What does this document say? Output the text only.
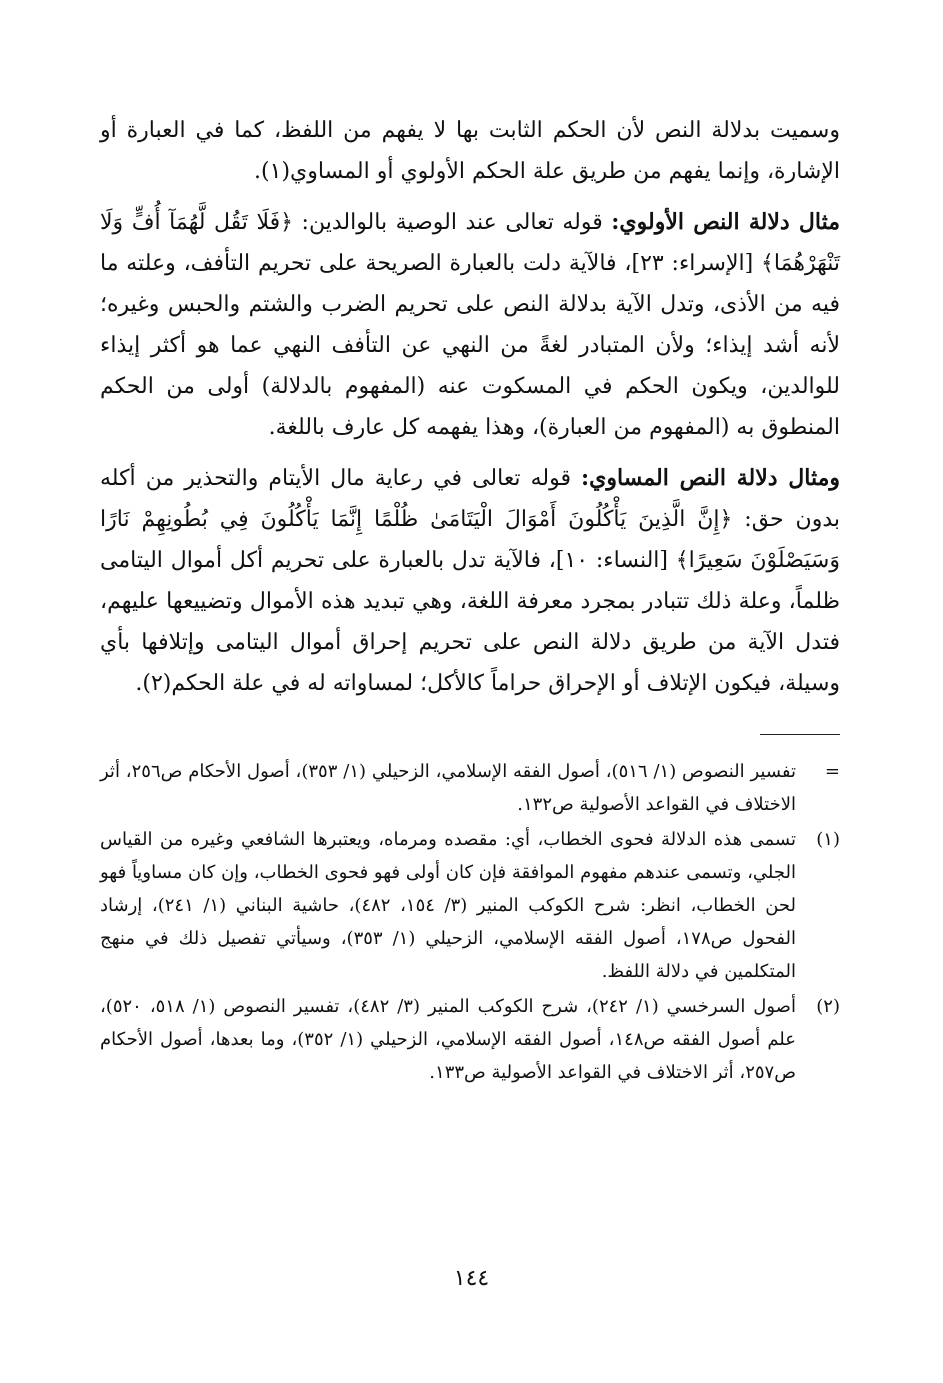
وسميت بدلالة النص لأن الحكم الثابت بها لا يفهم من اللفظ، كما في العبارة أو الإشارة، وإنما يفهم من طريق علة الحكم الأولوي أو المساوي(١).

مثال دلالة النص الأولوي: قوله تعالى عند الوصية بالوالدين: ﴿فَلَا تَقُل لَّهُمَآ أُفٍّ وَلَا تَنْهَرْهُمَا﴾ [الإسراء: ٢٣]، فالآية دلت بالعبارة الصريحة على تحريم التأفف، وعلته ما فيه من الأذى، وتدل الآية بدلالة النص على تحريم الضرب والشتم والحبس وغيره؛ لأنه أشد إيذاء؛ ولأن المتبادر لغةً من النهي عن التأفف النهي عما هو أكثر إيذاء للوالدين، ويكون الحكم في المسكوت عنه (المفهوم بالدلالة) أولى من الحكم المنطوق به (المفهوم من العبارة)، وهذا يفهمه كل عارف باللغة.

ومثال دلالة النص المساوي: قوله تعالى في رعاية مال الأيتام والتحذير من أكله بدون حق: ﴿إِنَّ الَّذِينَ يَأْكُلُونَ أَمْوَالَ الْيَتَامَىٰ ظُلْمًا إِنَّمَا يَأْكُلُونَ فِي بُطُونِهِمْ نَارًا وَسَيَصْلَوْنَ سَعِيرًا﴾ [النساء: ١٠]، فالآية تدل بالعبارة على تحريم أكل أموال اليتامى ظلماً، وعلة ذلك تتبادر بمجرد معرفة اللغة، وهي تبديد هذه الأموال وتضييعها عليهم، فتدل الآية من طريق دلالة النص على تحريم إحراق أموال اليتامى وإتلافها بأي وسيلة، فيكون الإتلاف أو الإحراق حراماً كالأكل؛ لمساواته له في علة الحكم(٢).

=
تفسير النصوص (١/ ٥١٦)، أصول الفقه الإسلامي، الزحيلي (١/ ٣٥٣)، أصول الأحكام ص٢٥٦، أثر الاختلاف في القواعد الأصولية ص١٣٢.
(١)
تسمى هذه الدلالة فحوى الخطاب، أي: مقصده ومرماه، ويعتبرها الشافعي وغيره من القياس الجلي، وتسمى عندهم مفهوم الموافقة فإن كان أولى فهو فحوى الخطاب، وإن كان مساوياً فهو لحن الخطاب، انظر: شرح الكوكب المنير (٣/ ١٥٤، ٤٨٢)، حاشية البناني (١/ ٢٤١)، إرشاد الفحول ص١٧٨، أصول الفقه الإسلامي، الزحيلي (١/ ٣٥٣)، وسيأتي تفصيل ذلك في منهج المتكلمين في دلالة اللفظ.
(٢)
أصول السرخسي (١/ ٢٤٢)، شرح الكوكب المنير (٣/ ٤٨٢)، تفسير النصوص (١/ ٥١٨، ٥٢٠)، علم أصول الفقه ص١٤٨، أصول الفقه الإسلامي، الزحيلي (١/ ٣٥٢)، وما بعدها، أصول الأحكام ص٢٥٧، أثر الاختلاف في القواعد الأصولية ص١٣٣.
١٤٤
